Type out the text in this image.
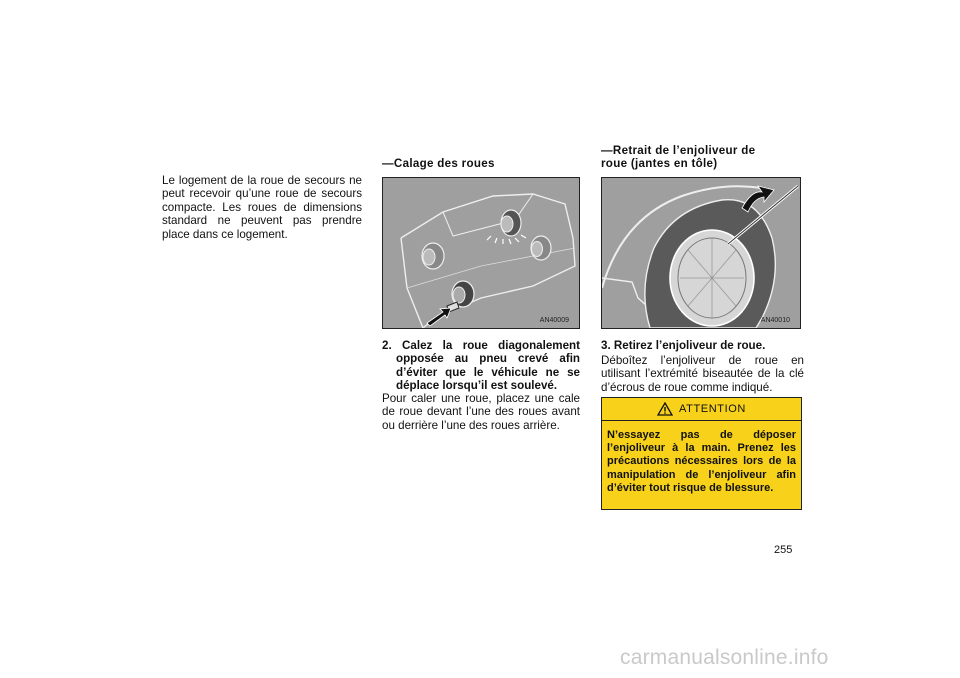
Le logement de la roue de secours ne peut recevoir qu’une roue de secours compacte. Les roues de dimensions standard ne peuvent pas prendre place dans ce logement.
—Calage des roues
AN40009
2. Calez la roue diagonalement opposée au pneu crevé afin d’éviter que le véhicule ne se déplace lorsqu’il est soulevé.
Pour caler une roue, placez une cale de roue devant l’une des roues avant ou derrière l’une des roues arrière.
—Retrait de l’enjoliveur de
roue (jantes en tôle)
AN40010
3. Retirez l’enjoliveur de roue.
Déboîtez l’enjoliveur de roue en utilisant l’extrémité biseautée de la clé d’écrous de roue comme indiqué.
ATTENTION
N’essayez pas de déposer l’enjoliveur à la main. Prenez les précautions nécessaires lors de la manipulation de l’enjoliveur afin d’éviter tout risque de blessure.
255
carmanualsonline.info
